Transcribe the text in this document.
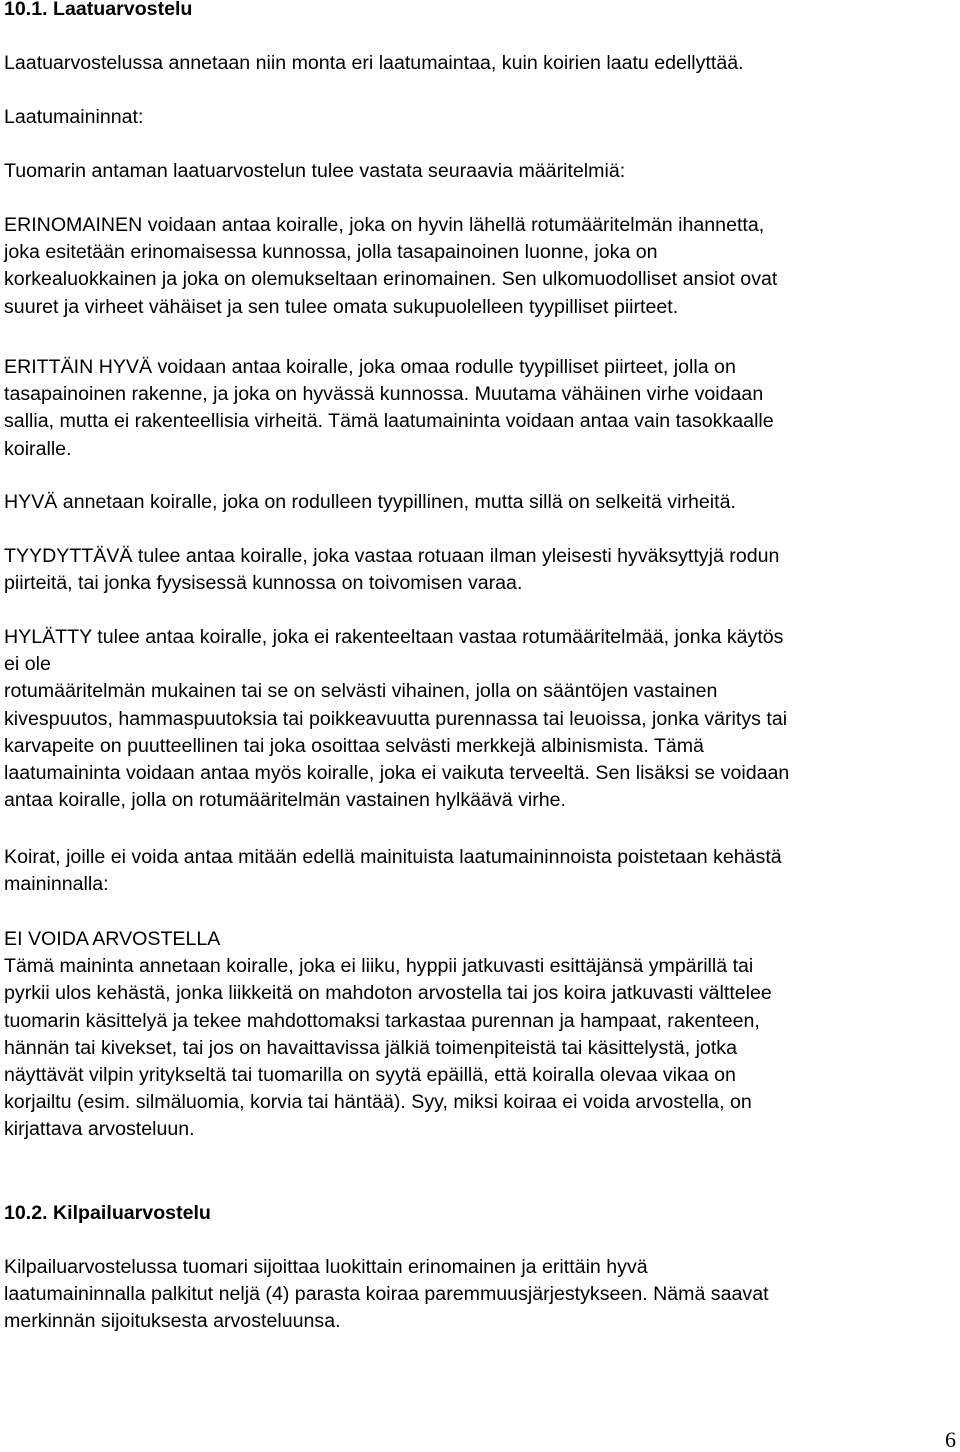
10.1. Laatuarvostelu

Laatuarvostelussa annetaan niin monta eri laatumaintaa, kuin koirien laatu edellyttää.

Laatumaininnat:

Tuomarin antaman laatuarvostelun tulee vastata seuraavia määritelmiä:

ERINOMAINEN voidaan antaa koiralle, joka on hyvin lähellä rotumääritelmän ihannetta,
joka esitetään erinomaisessa kunnossa, jolla tasapainoinen luonne, joka on
korkealuokkainen ja joka on olemukseltaan erinomainen. Sen ulkomuodolliset ansiot ovat
suuret ja virheet vähäiset ja sen tulee omata sukupuolelleen tyypilliset piirteet.
ERITTÄIN HYVÄ voidaan antaa koiralle, joka omaa rodulle tyypilliset piirteet, jolla on
tasapainoinen rakenne, ja joka on hyvässä kunnossa. Muutama vähäinen virhe voidaan
sallia, mutta ei rakenteellisia virheitä. Tämä laatumaininta voidaan antaa vain tasokkaalle
koiralle.
HYVÄ annetaan koiralle, joka on rodulleen tyypillinen, mutta sillä on selkeitä virheitä.
TYYDYTTÄVÄ tulee antaa koiralle, joka vastaa rotuaan ilman yleisesti hyväksyttyjä rodun
piirteitä, tai jonka fyysisessä kunnossa on toivomisen varaa.
HYLÄTTY tulee antaa koiralle, joka ei rakenteeltaan vastaa rotumääritelmää, jonka käytös
ei ole
rotumääritelmän mukainen tai se on selvästi vihainen, jolla on sääntöjen vastainen
kivespuutos, hammaspuutoksia tai poikkeavuutta purennassa tai leuoissa, jonka väritys tai
karvapeite on puutteellinen tai joka osoittaa selvästi merkkejä albinismista. Tämä
laatumaininta voidaan antaa myös koiralle, joka ei vaikuta terveeltä. Sen lisäksi se voidaan
antaa koiralle, jolla on rotumääritelmän vastainen hylkäävä virhe.
Koirat, joille ei voida antaa mitään edellä mainituista laatumaininnoista poistetaan kehästä
maininnalla:
EI VOIDA ARVOSTELLA
Tämä maininta annetaan koiralle, joka ei liiku, hyppii jatkuvasti esittäjänsä ympärillä tai
pyrkii ulos kehästä, jonka liikkeitä on mahdoton arvostella tai jos koira jatkuvasti välttelee
tuomarin käsittelyä ja tekee mahdottomaksi tarkastaa purennan ja hampaat, rakenteen,
hännän tai kivekset, tai jos on havaittavissa jälkiä toimenpiteistä tai käsittelystä, jotka
näyttävät vilpin yritykseltä tai tuomarilla on syytä epäillä, että koiralla olevaa vikaa on
korjailtu (esim. silmäluomia, korvia tai häntää). Syy, miksi koiraa ei voida arvostella, on
kirjattava arvosteluun.
10.2. Kilpailuarvostelu
Kilpailuarvostelussa tuomari sijoittaa luokittain erinomainen ja erittäin hyvä
laatumaininnalla palkitut neljä (4) parasta koiraa paremmuusjärjestykseen. Nämä saavat
merkinnän sijoituksesta arvosteluunsa.

6
